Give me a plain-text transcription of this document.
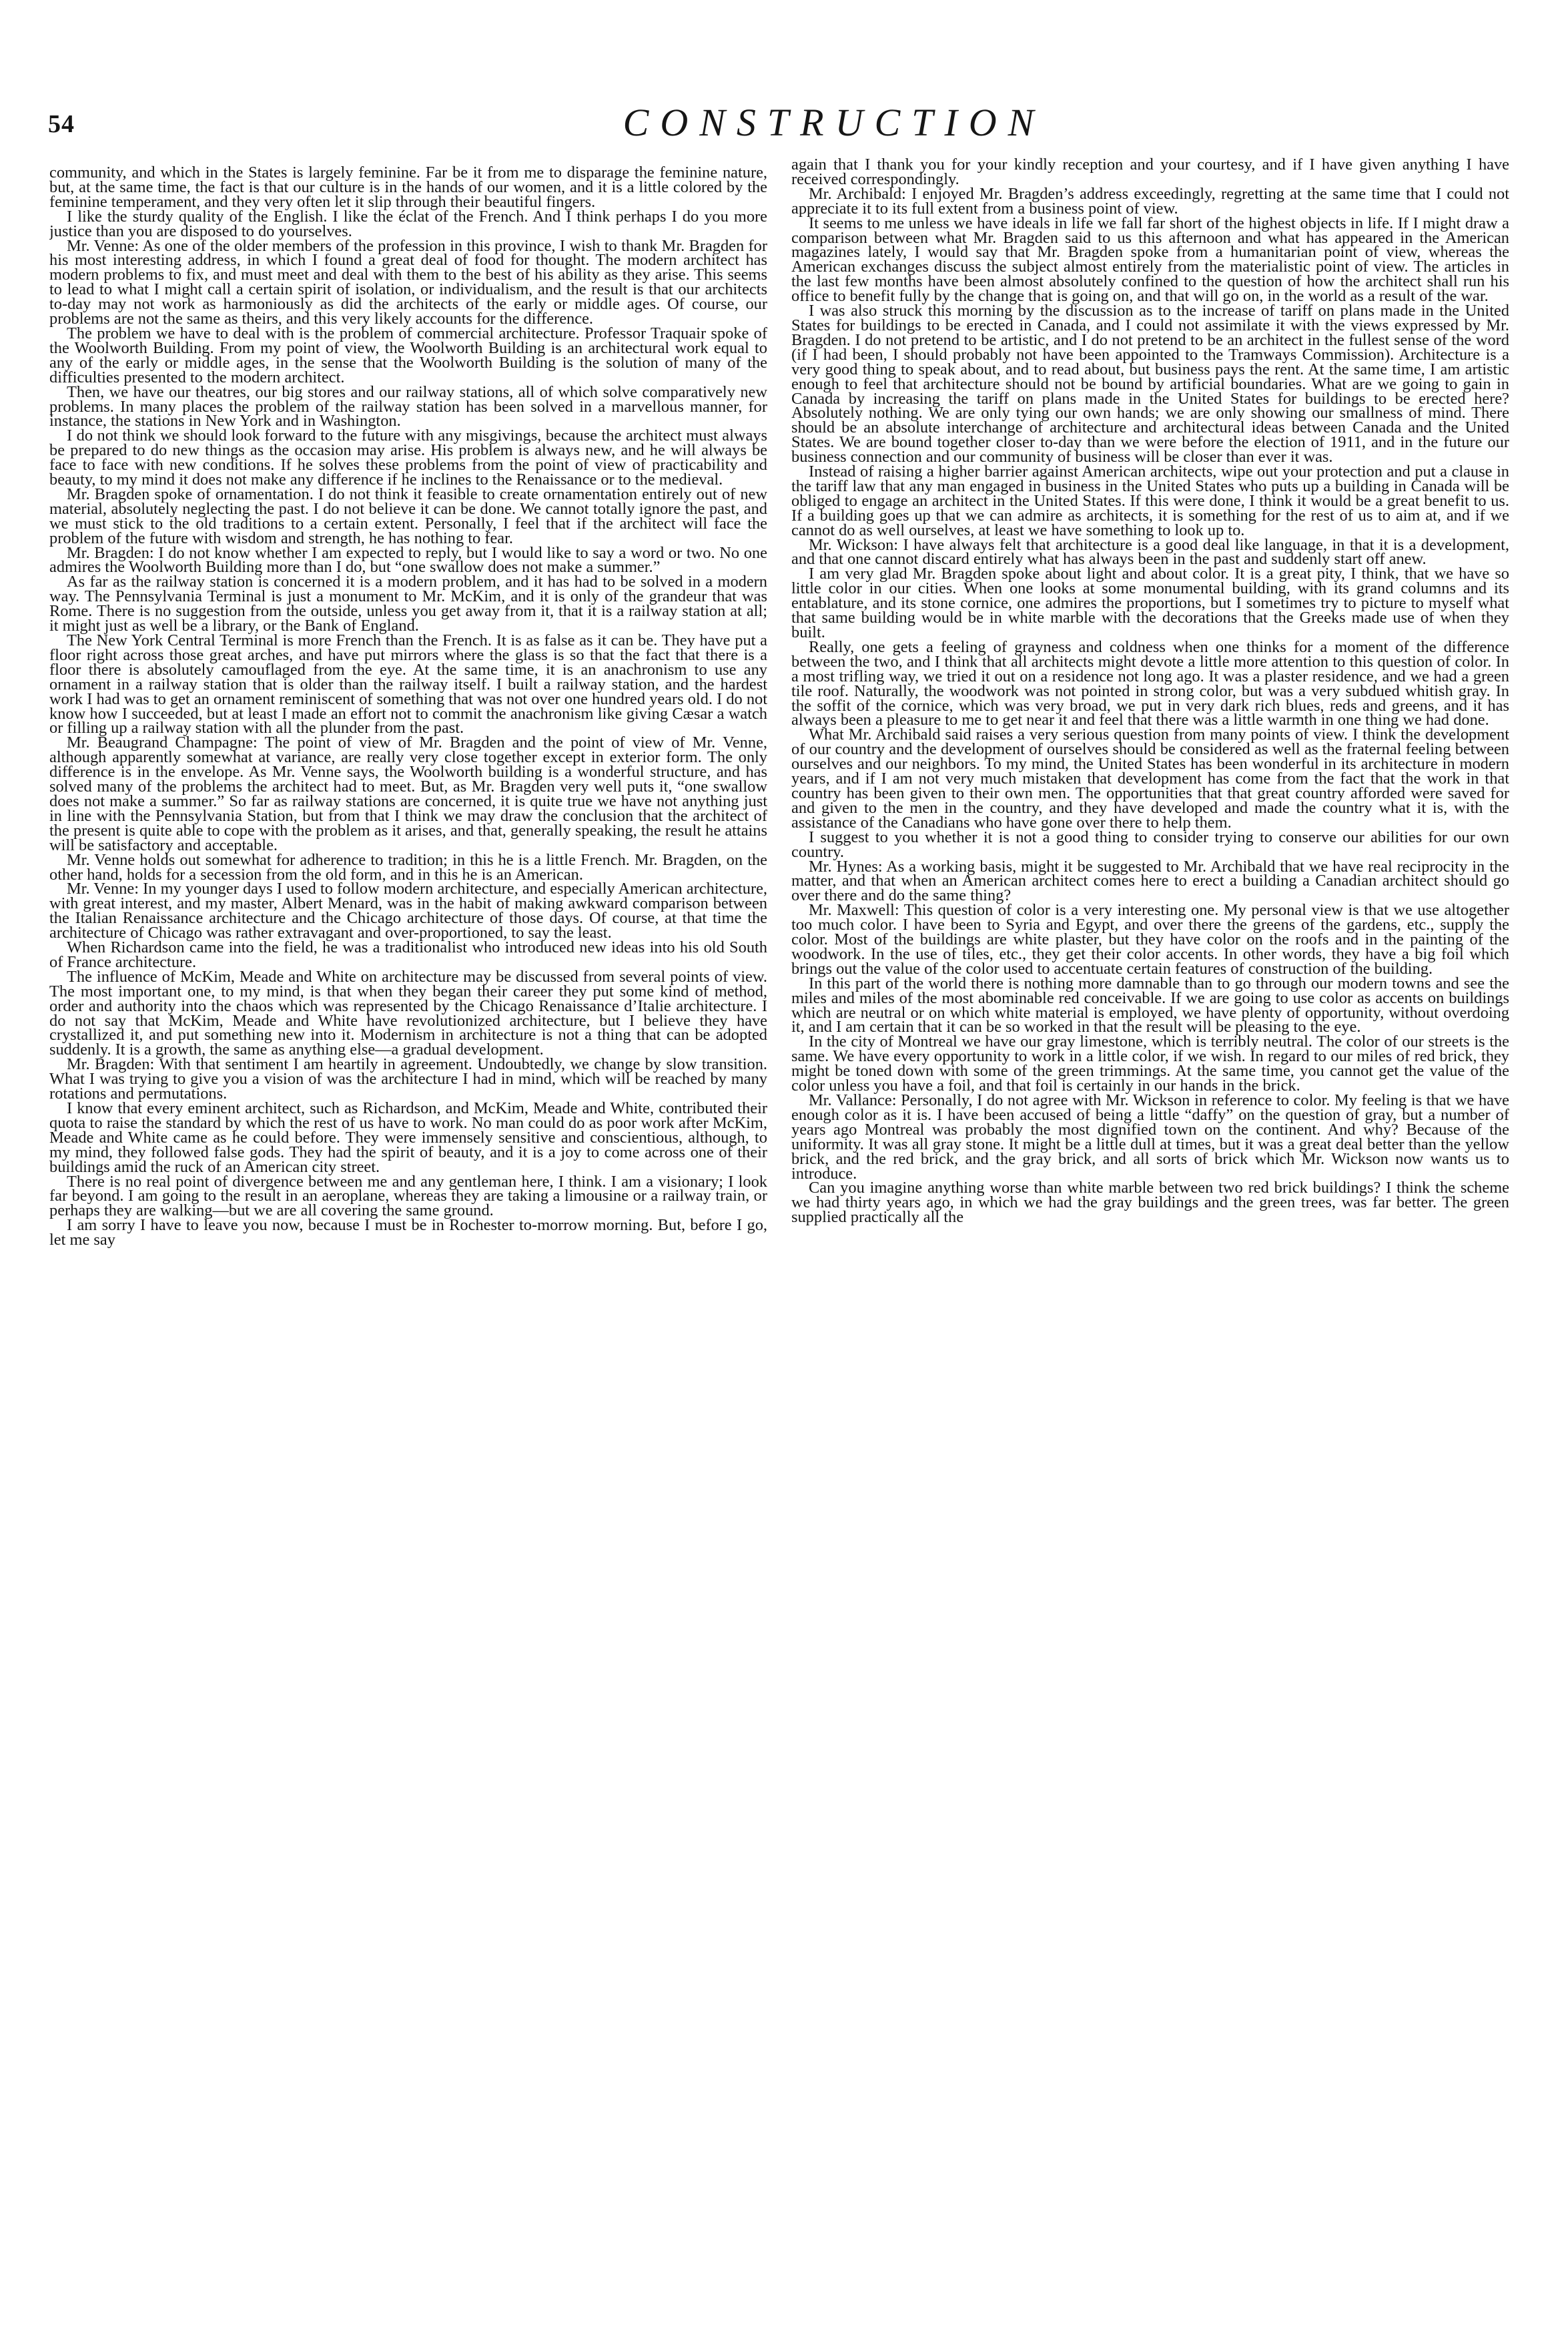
54	CONSTRUCTION

community, and which in the States is largely feminine. Far be it from me to disparage the feminine nature, but, at the same time, the fact is that our culture is in the hands of our women, and it is a little colored by the feminine temperament, and they very often let it slip through their beautiful fingers.

I like the sturdy quality of the English. I like the éclat of the French. And I think perhaps I do you more justice than you are disposed to do yourselves.

Mr. Venne: As one of the older members of the profession in this province, I wish to thank Mr. Bragden for his most interesting address, in which I found a great deal of food for thought. The modern architect has modern problems to fix, and must meet and deal with them to the best of his ability as they arise. This seems to lead to what I might call a certain spirit of isolation, or individualism, and the result is that our architects to-day may not work as harmoniously as did the architects of the early or middle ages. Of course, our problems are not the same as theirs, and this very likely accounts for the difference.

The problem we have to deal with is the problem of commercial architecture. Professor Traquair spoke of the Woolworth Building. From my point of view, the Woolworth Building is an architectural work equal to any of the early or middle ages, in the sense that the Woolworth Building is the solution of many of the difficulties presented to the modern architect.

Then, we have our theatres, our big stores and our railway stations, all of which solve comparatively new problems. In many places the problem of the railway station has been solved in a marvellous manner, for instance, the stations in New York and in Washington.

I do not think we should look forward to the future with any misgivings, because the architect must always be prepared to do new things as the occasion may arise. His problem is always new, and he will always be face to face with new conditions. If he solves these problems from the point of view of practicability and beauty, to my mind it does not make any difference if he inclines to the Renaissance or to the medieval.

Mr. Bragden spoke of ornamentation. I do not think it feasible to create ornamentation entirely out of new material, absolutely neglecting the past. I do not believe it can be done. We cannot totally ignore the past, and we must stick to the old traditions to a certain extent. Personally, I feel that if the architect will face the problem of the future with wisdom and strength, he has nothing to fear.

Mr. Bragden: I do not know whether I am expected to reply, but I would like to say a word or two. No one admires the Woolworth Building more than I do, but “one swallow does not make a summer.”

As far as the railway station is concerned it is a modern problem, and it has had to be solved in a modern way. The Pennsylvania Terminal is just a monument to Mr. McKim, and it is only of the grandeur that was Rome. There is no suggestion from the outside, unless you get away from it, that it is a railway station at all; it might just as well be a library, or the Bank of England.

The New York Central Terminal is more French than the French. It is as false as it can be. They have put a floor right across those great arches, and have put mirrors where the glass is so that the fact that there is a floor there is absolutely camouflaged from the eye. At the same time, it is an anachronism to use any ornament in a railway station that is older than the railway itself. I built a railway station, and the hardest work I had was to get an ornament reminiscent of something that was not over one hundred years old. I do not know how I succeeded, but at least I made an effort not to commit the anachronism like giving Cæsar a watch or filling up a railway station with all the plunder from the past.

Mr. Beaugrand Champagne: The point of view of Mr. Bragden and the point of view of Mr. Venne, although apparently somewhat at variance, are really very close together except in exterior form. The only difference is in the envelope. As Mr. Venne says, the Woolworth building is a wonderful structure, and has solved many of the problems the architect had to meet. But, as Mr. Bragden very well puts it, “one swallow does not make a summer.” So far as railway stations are concerned, it is quite true we have not anything just in line with the Pennsylvania Station, but from that I think we may draw the conclusion that the architect of the present is quite able to cope with the problem as it arises, and that, generally speaking, the result he attains will be satisfactory and acceptable.

Mr. Venne holds out somewhat for adherence to tradition; in this he is a little French. Mr. Bragden, on the other hand, holds for a secession from the old form, and in this he is an American.

Mr. Venne: In my younger days I used to follow modern architecture, and especially American architecture, with great interest, and my master, Albert Menard, was in the habit of making awkward comparison between the Italian Renaissance architecture and the Chicago architecture of those days. Of course, at that time the architecture of Chicago was rather extravagant and over-proportioned, to say the least.

When Richardson came into the field, he was a traditionalist who introduced new ideas into his old South of France architecture.

The influence of McKim, Meade and White on architecture may be discussed from several points of view. The most important one, to my mind, is that when they began their career they put some kind of method, order and authority into the chaos which was represented by the Chicago Renaissance d’Italie architecture. I do not say that McKim, Meade and White have revolutionized architecture, but I believe they have crystallized it, and put something new into it. Modernism in architecture is not a thing that can be adopted suddenly. It is a growth, the same as anything else—a gradual development.

Mr. Bragden: With that sentiment I am heartily in agreement. Undoubtedly, we change by slow transition. What I was trying to give you a vision of was the architecture I had in mind, which will be reached by many rotations and permutations.

I know that every eminent architect, such as Richardson, and McKim, Meade and White, contributed their quota to raise the standard by which the rest of us have to work. No man could do as poor work after McKim, Meade and White came as he could before. They were immensely sensitive and conscientious, although, to my mind, they followed false gods. They had the spirit of beauty, and it is a joy to come across one of their buildings amid the ruck of an American city street.

There is no real point of divergence between me and any gentleman here, I think. I am a visionary; I look far beyond. I am going to the result in an aeroplane, whereas they are taking a limousine or a railway train, or perhaps they are walking—but we are all covering the same ground.

I am sorry I have to leave you now, because I must be in Rochester to-morrow morning. But, before I go, let me say

again that I thank you for your kindly reception and your courtesy, and if I have given anything I have received correspondingly.

Mr. Archibald: I enjoyed Mr. Bragden’s address exceedingly, regretting at the same time that I could not appreciate it to its full extent from a business point of view.

It seems to me unless we have ideals in life we fall far short of the highest objects in life. If I might draw a comparison between what Mr. Bragden said to us this afternoon and what has appeared in the American magazines lately, I would say that Mr. Bragden spoke from a humanitarian point of view, whereas the American exchanges discuss the subject almost entirely from the materialistic point of view. The articles in the last few months have been almost absolutely confined to the question of how the architect shall run his office to benefit fully by the change that is going on, and that will go on, in the world as a result of the war.

I was also struck this morning by the discussion as to the increase of tariff on plans made in the United States for buildings to be erected in Canada, and I could not assimilate it with the views expressed by Mr. Bragden. I do not pretend to be artistic, and I do not pretend to be an architect in the fullest sense of the word (if I had been, I should probably not have been appointed to the Tramways Commission). Architecture is a very good thing to speak about, and to read about, but business pays the rent. At the same time, I am artistic enough to feel that architecture should not be bound by artificial boundaries. What are we going to gain in Canada by increasing the tariff on plans made in the United States for buildings to be erected here? Absolutely nothing. We are only tying our own hands; we are only showing our smallness of mind. There should be an absolute interchange of architecture and architectural ideas between Canada and the United States. We are bound together closer to-day than we were before the election of 1911, and in the future our business connection and our community of business will be closer than ever it was.

Instead of raising a higher barrier against American architects, wipe out your protection and put a clause in the tariff law that any man engaged in business in the United States who puts up a building in Canada will be obliged to engage an architect in the United States. If this were done, I think it would be a great benefit to us. If a building goes up that we can admire as architects, it is something for the rest of us to aim at, and if we cannot do as well ourselves, at least we have something to look up to.

Mr. Wickson: I have always felt that architecture is a good deal like language, in that it is a development, and that one cannot discard entirely what has always been in the past and suddenly start off anew.

I am very glad Mr. Bragden spoke about light and about color. It is a great pity, I think, that we have so little color in our cities. When one looks at some monumental building, with its grand columns and its entablature, and its stone cornice, one admires the proportions, but I sometimes try to picture to myself what that same building would be in white marble with the decorations that the Greeks made use of when they built.

Really, one gets a feeling of grayness and coldness when one thinks for a moment of the difference between the two, and I think that all architects might devote a little more attention to this question of color. In a most trifling way, we tried it out on a residence not long ago. It was a plaster residence, and we had a green tile roof. Naturally, the woodwork was not pointed in strong color, but was a very subdued whitish gray. In the soffit of the cornice, which was very broad, we put in very dark rich blues, reds and greens, and it has always been a pleasure to me to get near it and feel that there was a little warmth in one thing we had done.

What Mr. Archibald said raises a very serious question from many points of view. I think the development of our country and the development of ourselves should be considered as well as the fraternal feeling between ourselves and our neighbors. To my mind, the United States has been wonderful in its architecture in modern years, and if I am not very much mistaken that development has come from the fact that the work in that country has been given to their own men. The opportunities that that great country afforded were saved for and given to the men in the country, and they have developed and made the country what it is, with the assistance of the Canadians who have gone over there to help them.

I suggest to you whether it is not a good thing to consider trying to conserve our abilities for our own country.

Mr. Hynes: As a working basis, might it be suggested to Mr. Archibald that we have real reciprocity in the matter, and that when an American architect comes here to erect a building a Canadian architect should go over there and do the same thing?

Mr. Maxwell: This question of color is a very interesting one. My personal view is that we use altogether too much color. I have been to Syria and Egypt, and over there the greens of the gardens, etc., supply the color. Most of the buildings are white plaster, but they have color on the roofs and in the painting of the woodwork. In the use of tiles, etc., they get their color accents. In other words, they have a big foil which brings out the value of the color used to accentuate certain features of construction of the building.

In this part of the world there is nothing more damnable than to go through our modern towns and see the miles and miles of the most abominable red conceivable. If we are going to use color as accents on buildings which are neutral or on which white material is employed, we have plenty of opportunity, without overdoing it, and I am certain that it can be so worked in that the result will be pleasing to the eye.

In the city of Montreal we have our gray limestone, which is terribly neutral. The color of our streets is the same. We have every opportunity to work in a little color, if we wish. In regard to our miles of red brick, they might be toned down with some of the green trimmings. At the same time, you cannot get the value of the color unless you have a foil, and that foil is certainly in our hands in the brick.

Mr. Vallance: Personally, I do not agree with Mr. Wickson in reference to color. My feeling is that we have enough color as it is. I have been accused of being a little “daffy” on the question of gray, but a number of years ago Montreal was probably the most dignified town on the continent. And why? Because of the uniformity. It was all gray stone. It might be a little dull at times, but it was a great deal better than the yellow brick, and the red brick, and the gray brick, and all sorts of brick which Mr. Wickson now wants us to introduce.

Can you imagine anything worse than white marble between two red brick buildings? I think the scheme we had thirty years ago, in which we had the gray buildings and the green trees, was far better. The green supplied practically all the
